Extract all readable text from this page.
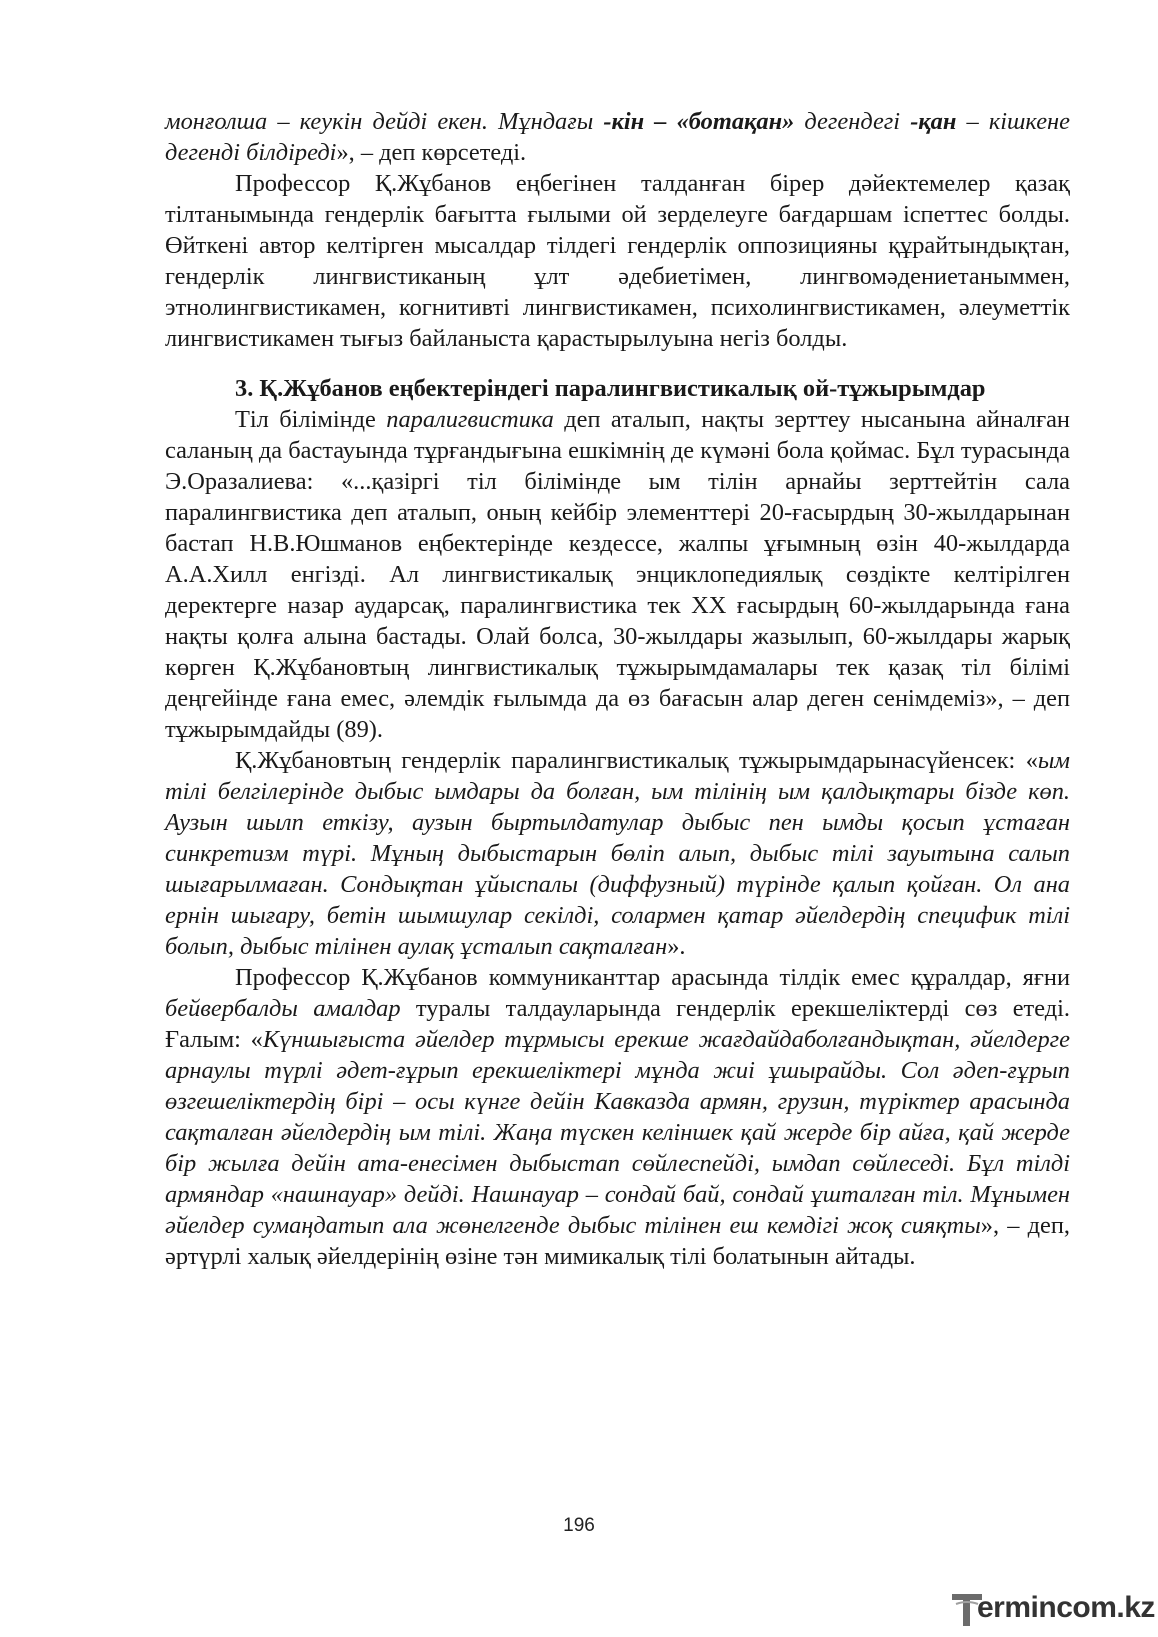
монғолша – кеукін дейді екен. Мұндағы -кін – «ботақан» дегендегі -қан – кішкене дегенді білдіреді», – деп көрсетеді.

Профессор Қ.Жұбанов еңбегінен талданған бірер дәйектемелер қазақ тілтанымында гендерлік бағытта ғылыми ой зерделеуге бағдаршам іспеттес болды. Өйткені автор келтірген мысалдар тілдегі гендерлік оппозицияны құрайтындықтан, гендерлік лингвистиканың ұлт әдебиетімен, лингвомәдениетаныммен, этнолингвистикамен, когнитивті лингвистикамен, психолингвистикамен, әлеуметтік лингвистикамен тығыз байланыста қарастырылуына негіз болды.

3. Қ.Жұбанов еңбектеріндегі паралингвистикалық ой-тұжырымдар

Тіл білімінде паралигвистика деп аталып, нақты зерттеу нысанына айналған саланың да бастауында тұрғандығына ешкімнің де күмәні бола қоймас. Бұл турасында Э.Оразалиева: «...қазіргі тіл білімінде ым тілін арнайы зерттейтін сала паралингвистика деп аталып, оның кейбір элементтері 20-ғасырдың 30-жылдарынан бастап Н.В.Юшманов еңбектерінде кездессе, жалпы ұғымның өзін 40-жылдарда А.А.Хилл енгізді. Ал лингвистикалық энциклопедиялық сөздікте келтірілген деректерге назар аударсақ, паралингвистика тек ХХ ғасырдың 60-жылдарында ғана нақты қолға алына бастады. Олай болса, 30-жылдары жазылып, 60-жылдары жарық көрген Қ.Жұбановтың лингвистикалық тұжырымдамалары тек қазақ тіл білімі деңгейінде ғана емес, әлемдік ғылымда да өз бағасын алар деген сенімдеміз», – деп тұжырымдайды (89).

Қ.Жұбановтың гендерлік паралингвистикалық тұжырымдарынасүйенсек: «ым тілі белгілерінде дыбыс ымдары да болған, ым тілінің ым қалдықтары бізде көп. Аузын шылп еткізу, аузын быртылдатулар дыбыс пен ымды қосып ұстаған синкретизм түрі. Мұның дыбыстарын бөліп алып, дыбыс тілі зауытына салып шығарылмаған. Сондықтан ұйыспалы (диффузный) түрінде қалып қойған. Ол ана ернін шығару, бетін шымшулар секілді, солармен қатар әйелдердің специфик тілі болып, дыбыс тілінен аулақ ұсталып сақталған».

Профессор Қ.Жұбанов коммуниканттар арасында тілдік емес құралдар, яғни бейвербалды амалдар туралы талдауларында гендерлік ерекшеліктерді сөз етеді. Ғалым: «Күншығыста әйелдер тұрмысы ерекше жағдайдаболғандықтан, әйелдерге арнаулы түрлі әдет-ғұрып ерекшеліктері мұнда жиі ұшырайды. Сол әдеп-ғұрып өзгешеліктердің бірі – осы күнге дейін Кавказда армян, грузин, түріктер арасында сақталған әйелдердің ым тілі. Жаңа түскен келіншек қай жерде бір айға, қай жерде бір жылға дейін ата-енесімен дыбыстап сөйлеспейді, ымдап сөйлеседі. Бұл тілді армяндар «нашнауар» дейді. Нашнауар – сондай бай, сондай ұшталған тіл. Мұнымен әйелдер сумаңдатып ала жөнелгенде дыбыс тілінен еш кемдігі жоқ сияқты», – деп, әртүрлі халық әйелдерінің өзіне тән мимикалық тілі болатынын айтады.

196
ermincom.kz
